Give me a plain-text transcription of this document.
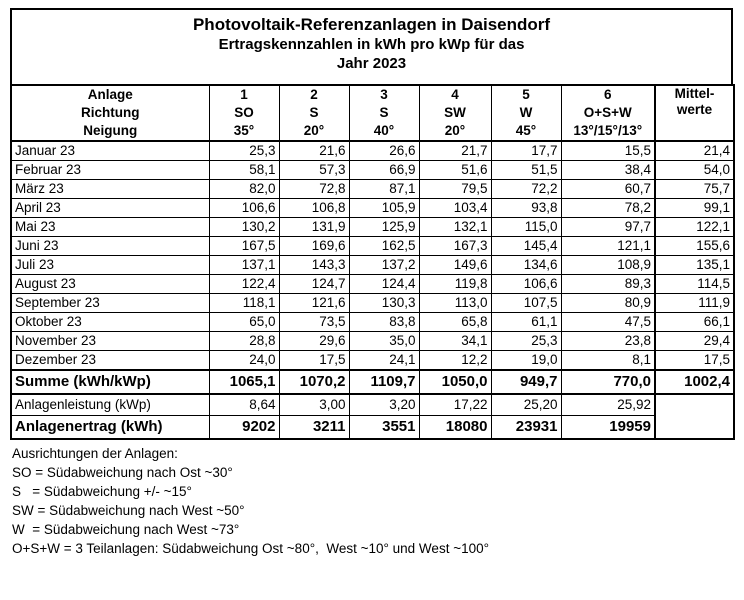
Photovoltaik-Referenzanlagen in Daisendorf
Ertragskennzahlen in kWh pro kWp für das
Jahr 2023
Anlage	1	2	3	4	5	6	Mittel-
werte

Richtung	SO	S	S	SW	W	O+S+W	
Neigung	35°	20°	40°	20°	45°	13°/15°/13°	
Januar 23	25,3	21,6	26,6	21,7	17,7	15,5	21,4
Februar 23	58,1	57,3	66,9	51,6	51,5	38,4	54,0
März 23	82,0	72,8	87,1	79,5	72,2	60,7	75,7
April 23	106,6	106,8	105,9	103,4	93,8	78,2	99,1
Mai 23	130,2	131,9	125,9	132,1	115,0	97,7	122,1
Juni 23	167,5	169,6	162,5	167,3	145,4	121,1	155,6
Juli 23	137,1	143,3	137,2	149,6	134,6	108,9	135,1
August 23	122,4	124,7	124,4	119,8	106,6	89,3	114,5
September 23	118,1	121,6	130,3	113,0	107,5	80,9	111,9
Oktober 23	65,0	73,5	83,8	65,8	61,1	47,5	66,1
November 23	28,8	29,6	35,0	34,1	25,3	23,8	29,4
Dezember 23	24,0	17,5	24,1	12,2	19,0	8,1	17,5
Summe (kWh/kWp)	1065,1	1070,2	1109,7	1050,0	949,7	770,0	1002,4
Anlagenleistung (kWp)	8,64	3,00	3,20	17,22	25,20	25,92	
Anlagenertrag (kWh)	9202	3211	3551	18080	23931	19959	
Ausrichtungen der Anlagen:
SO = Südabweichung nach Ost ~30°
S   = Südabweichung +/- ~15°
SW = Südabweichung nach West ~50°
W  = Südabweichung nach West ~73°
O+S+W = 3 Teilanlagen: Südabweichung Ost ~80°,  West ~10° und West ~100°
